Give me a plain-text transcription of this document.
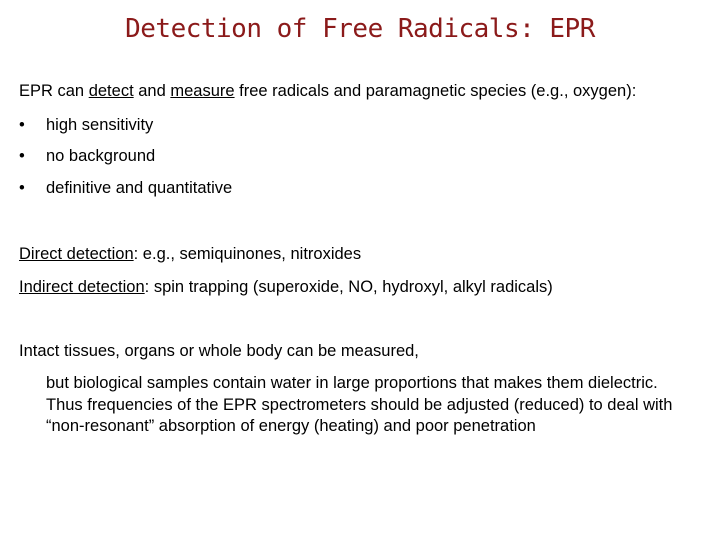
Detection of Free Radicals: EPR
EPR can detect and measure free radicals and paramagnetic species (e.g., oxygen):
• high sensitivity
• no background
• definitive and quantitative
Direct detection: e.g., semiquinones, nitroxides
Indirect detection: spin trapping (superoxide, NO, hydroxyl, alkyl radicals)
Intact tissues, organs or whole body can be measured,
but biological samples contain water in large proportions that makes them dielectric. Thus frequencies of the EPR spectrometers should be adjusted (reduced) to deal with “non-resonant” absorption of energy (heating) and poor penetration
